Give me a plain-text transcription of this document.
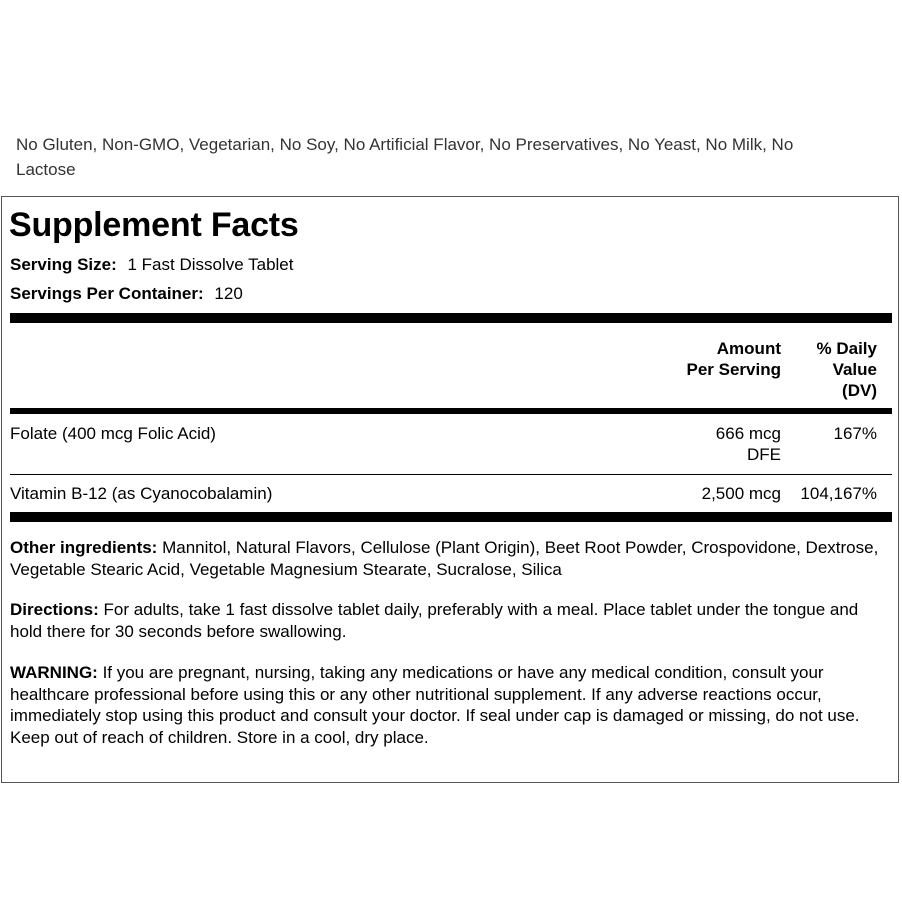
No Gluten, Non-GMO, Vegetarian, No Soy, No Artificial Flavor, No Preservatives, No Yeast, No Milk, No Lactose
Supplement Facts
Serving Size: 1 Fast Dissolve Tablet
Servings Per Container: 120
Amount
Per Serving
% Daily
Value
(DV)
Folate (400 mcg Folic Acid)	666 mcg
DFE
167%
Vitamin B-12 (as Cyanocobalamin)	2,500 mcg 104,167%
Other ingredients: Mannitol, Natural Flavors, Cellulose (Plant Origin), Beet Root Powder, Crospovidone, Dextrose, Vegetable Stearic Acid, Vegetable Magnesium Stearate, Sucralose, Silica
Directions: For adults, take 1 fast dissolve tablet daily, preferably with a meal. Place tablet under the tongue and hold there for 30 seconds before swallowing.
WARNING: If you are pregnant, nursing, taking any medications or have any medical condition, consult your healthcare professional before using this or any other nutritional supplement. If any adverse reactions occur, immediately stop using this product and consult your doctor. If seal under cap is damaged or missing, do not use. Keep out of reach of children. Store in a cool, dry place.
